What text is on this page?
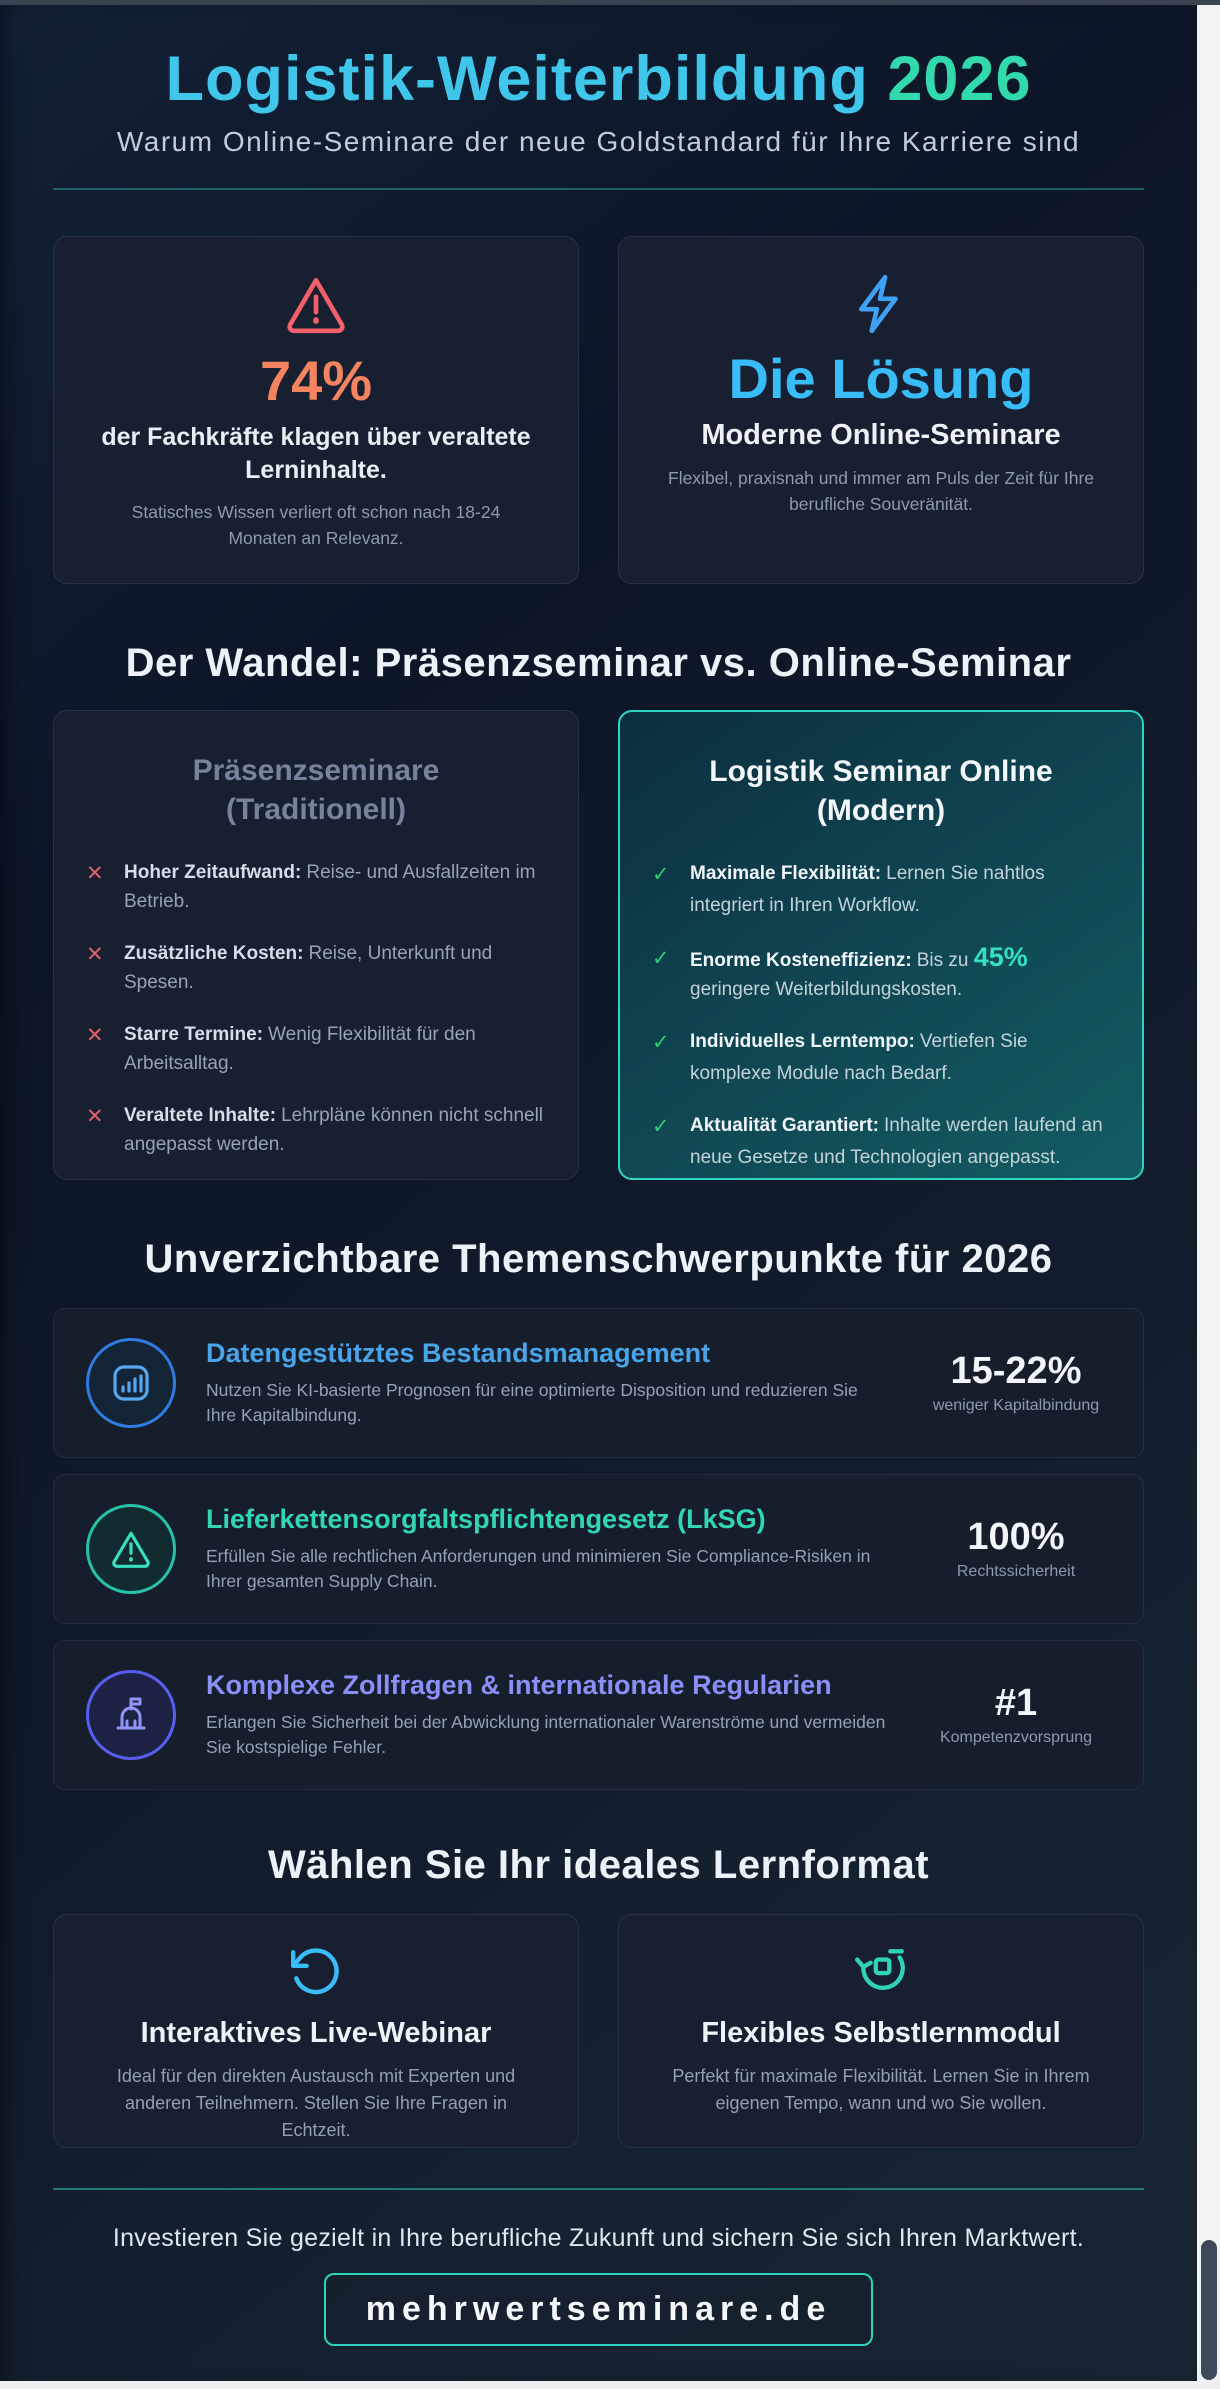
Logistik-Weiterbildung 2026

Warum Online-Seminare der neue Goldstandard für Ihre Karriere sind

74%
der Fachkräfte klagen über veraltete Lerninhalte.
Statisches Wissen verliert oft schon nach 18-24 Monaten an Relevanz.
Die Lösung
Moderne Online-Seminare
Flexibel, praxisnah und immer am Puls der Zeit für Ihre berufliche Souveränität.
Der Wandel: Präsenzseminar vs. Online-Seminar
Präsenzseminare
(Traditionell)
✕ Hoher Zeitaufwand: Reise- und Ausfallzeiten im Betrieb.

✕ Zusätzliche Kosten: Reise, Unterkunft und Spesen.

✕ Starre Termine: Wenig Flexibilität für den Arbeitsalltag.

✕ Veraltete Inhalte: Lehrpläne können nicht schnell angepasst werden.

Logistik Seminar Online
(Modern)
✓ Maximale Flexibilität: Lernen Sie nahtlos integriert in Ihren Workflow.

✓ Enorme Kosteneffizienz: Bis zu 45% geringere Weiterbildungskosten.

✓ Individuelles Lerntempo: Vertiefen Sie komplexe Module nach Bedarf.

✓ Aktualität Garantiert: Inhalte werden laufend an neue Gesetze und Technologien angepasst.

Unverzichtbare Themenschwerpunkte für 2026
Datengestütztes Bestandsmanagement
Nutzen Sie KI-basierte Prognosen für eine optimierte Disposition und reduzieren Sie Ihre Kapitalbindung.
15-22%
weniger Kapitalbindung
Lieferkettensorgfaltspflichtengesetz (LkSG)
Erfüllen Sie alle rechtlichen Anforderungen und minimieren Sie Compliance-Risiken in Ihrer gesamten Supply Chain.
100%
Rechtssicherheit
Komplexe Zollfragen & internationale Regularien
Erlangen Sie Sicherheit bei der Abwicklung internationaler Warenströme und vermeiden Sie kostspielige Fehler.
#1
Kompetenzvorsprung
Wählen Sie Ihr ideales Lernformat
Interaktives Live-Webinar
Ideal für den direkten Austausch mit Experten und anderen Teilnehmern. Stellen Sie Ihre Fragen in Echtzeit.
Flexibles Selbstlernmodul
Perfekt für maximale Flexibilität. Lernen Sie in Ihrem eigenen Tempo, wann und wo Sie wollen.

Investieren Sie gezielt in Ihre berufliche Zukunft und sichern Sie sich Ihren Marktwert.

mehrwertseminare.de
